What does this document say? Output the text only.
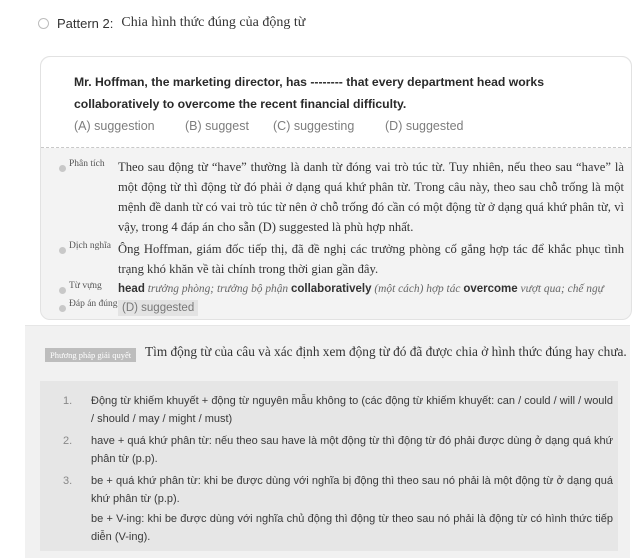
Pattern 2: Chia hình thức đúng của động từ
Mr. Hoffman, the marketing director, has -------- that every department head works collaboratively to overcome the recent financial difficulty.
(A) suggestion (B) suggest (C) suggesting (D) suggested
Phân tích Theo sau động từ “have” thường là danh từ đóng vai trò túc từ. Tuy nhiên, nếu theo sau “have” là một động từ thì động từ đó phải ở dạng quá khứ phân từ. Trong câu này, theo sau chỗ trống là một mệnh đề danh từ có vai trò túc từ nên ở chỗ trống đó cần có một động từ ở dạng quá khứ phân từ, vì vậy, trong 4 đáp án cho sẵn (D) suggested là phù hợp nhất.
Dịch nghĩa Ông Hoffman, giám đốc tiếp thị, đã đề nghị các trưởng phòng cố gắng hợp tác để khắc phục tình trạng khó khăn về tài chính trong thời gian gần đây.
Từ vựng head trưởng phòng; trưởng bộ phận collaboratively (một cách) hợp tác overcome vượt qua; chế ngự
Đáp án đúng (D) suggested
Phương pháp giải quyết	Tìm động từ của câu và xác định xem động từ đó đã được chia ở hình thức đúng hay chưa.
1. Động từ khiếm khuyết + động từ nguyên mẫu không to (các động từ khiếm khuyết: can / could / will / would / should / may / might / must)
2. have + quá khứ phân từ: nếu theo sau have là một động từ thì động từ đó phải được dùng ở dạng quá khứ phân từ (p.p).
3. be + quá khứ phân từ: khi be được dùng với nghĩa bị động thì theo sau nó phải là một động từ ở dạng quá khứ phân từ (p.p).
be + V-ing: khi be được dùng với nghĩa chủ động thì động từ theo sau nó phải là động từ có hình thức tiếp diễn (V-ing).
